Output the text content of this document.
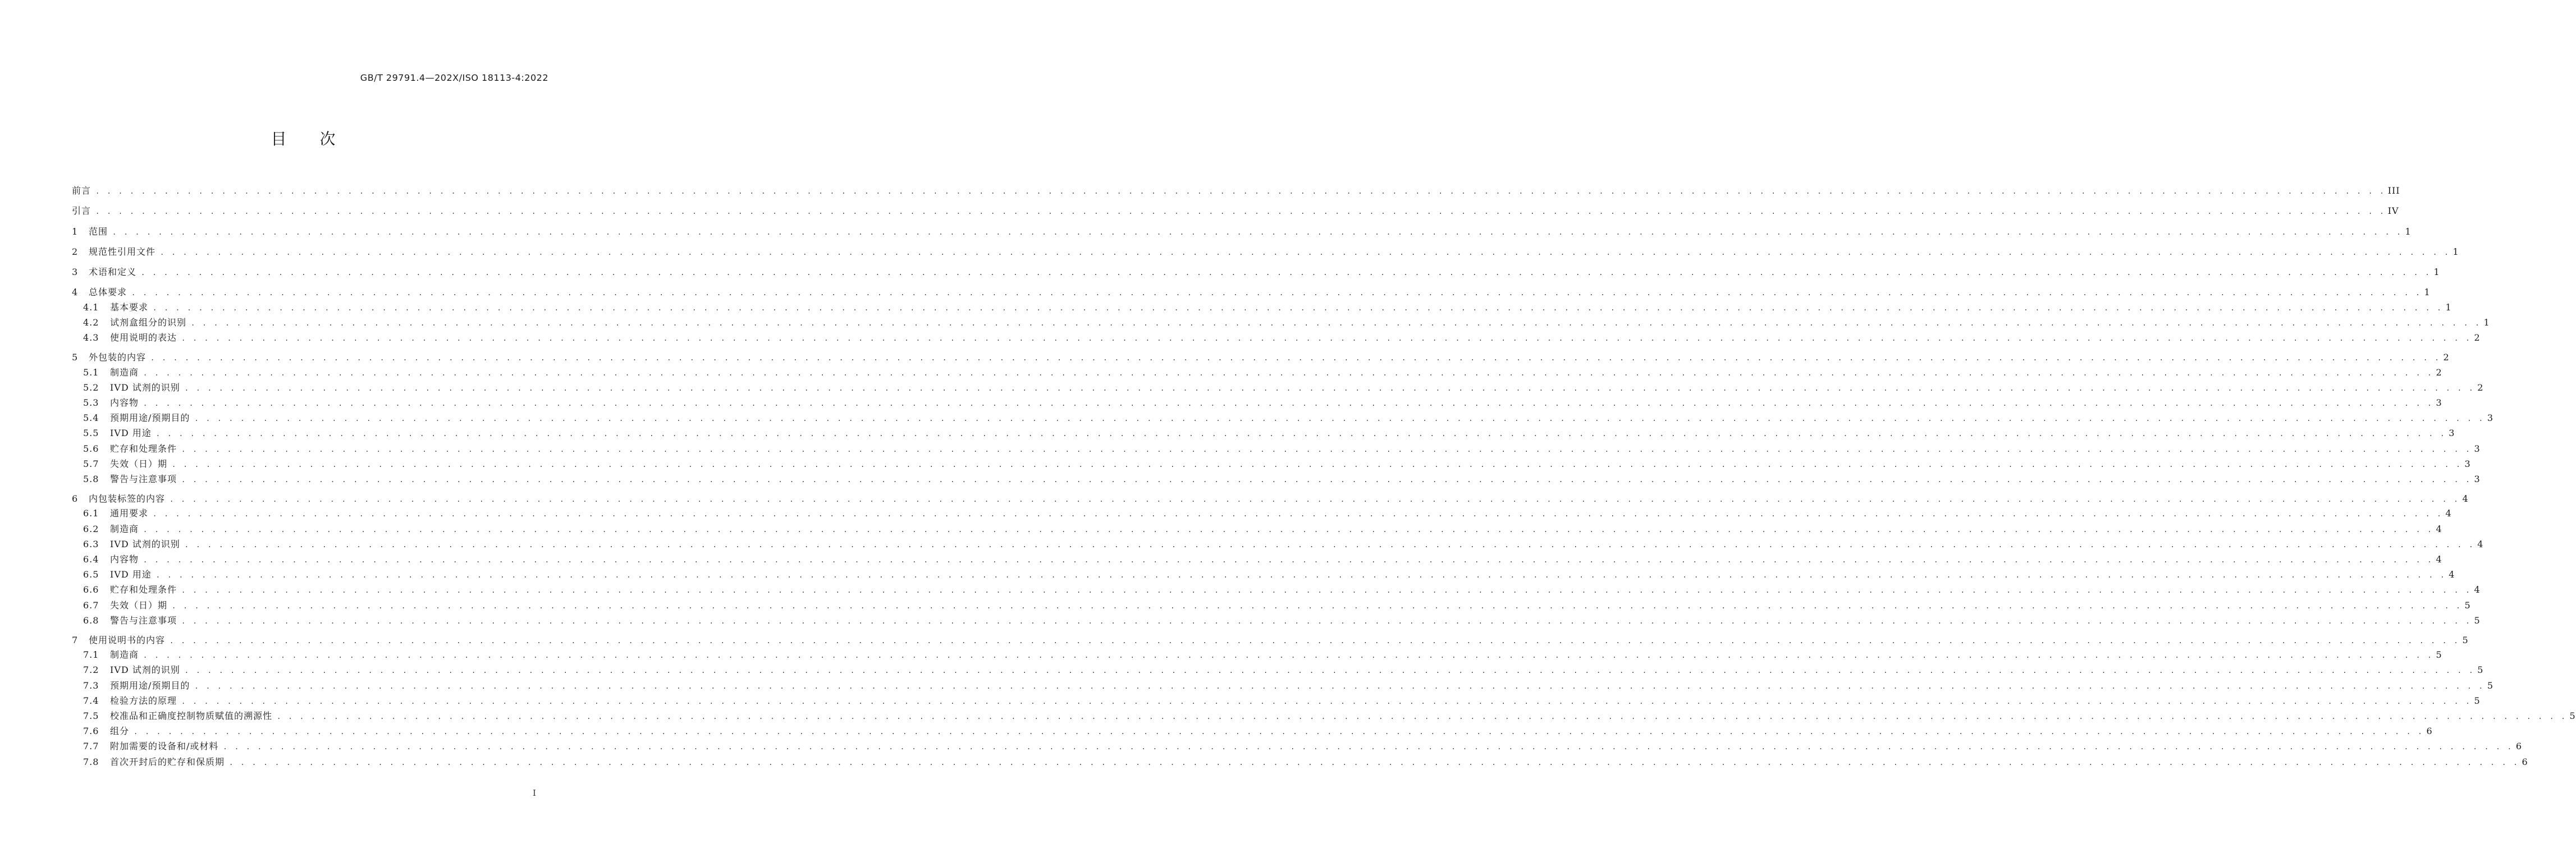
GB/T 29791.4—202X/ISO 18113-4:2022
目 次
前言 . . . . . . . . . . . . . . . . . . . . . . . . . . . . . . . . . . . . . . . . . . . . . . . . . . . . . . . . . . . . . . . . . . . . . . . . . . . . . . . . . . . . . . . . . . . . . . . . . . . . . . . . . . . . . . . . . . . . . . . . . . . . . . . . . . . . . . . . . . . . . . . . . . . . . . . . . . . . . . . . . . . . . . . . . . . . . . . . . . . . . . . . . . . . . . . . . . . . . . . . III
引言 . . . . . . . . . . . . . . . . . . . . . . . . . . . . . . . . . . . . . . . . . . . . . . . . . . . . . . . . . . . . . . . . . . . . . . . . . . . . . . . . . . . . . . . . . . . . . . . . . . . . . . . . . . . . . . . . . . . . . . . . . . . . . . . . . . . . . . . . . . . . . . . . . . . . . . . . . . . . . . . . . . . . . . . . . . . . . . . . . . . . . . . . . . . . . . . . . . . . . . . . IV
1	范围 . . . . . . . . . . . . . . . . . . . . . . . . . . . . . . . . . . . . . . . . . . . . . . . . . . . . . . . . . . . . . . . . . . . . . . . . . . . . . . . . . . . . . . . . . . . . . . . . . . . . . . . . . . . . . . . . . . . . . . . . . . . . . . . . . . . . . . . . . . . . . . . . . . . . . . . . . . . . . . . . . . . . . . . . . . . . . . . . . . . . . . . . . . . . . . . . . . . . . . . . 1
2	规范性引用文件 . . . . . . . . . . . . . . . . . . . . . . . . . . . . . . . . . . . . . . . . . . . . . . . . . . . . . . . . . . . . . . . . . . . . . . . . . . . . . . . . . . . . . . . . . . . . . . . . . . . . . . . . . . . . . . . . . . . . . . . . . . . . . . . . . . . . . . . . . . . . . . . . . . . . . . . . . . . . . . . . . . . . . . . . . . . . . . . . . . . . . . . . . . . . . . . . . . . . . . . . 1
3	术语和定义 . . . . . . . . . . . . . . . . . . . . . . . . . . . . . . . . . . . . . . . . . . . . . . . . . . . . . . . . . . . . . . . . . . . . . . . . . . . . . . . . . . . . . . . . . . . . . . . . . . . . . . . . . . . . . . . . . . . . . . . . . . . . . . . . . . . . . . . . . . . . . . . . . . . . . . . . . . . . . . . . . . . . . . . . . . . . . . . . . . . . . . . . . . . . . . . . . . . . . . . . 1
4	总体要求 . . . . . . . . . . . . . . . . . . . . . . . . . . . . . . . . . . . . . . . . . . . . . . . . . . . . . . . . . . . . . . . . . . . . . . . . . . . . . . . . . . . . . . . . . . . . . . . . . . . . . . . . . . . . . . . . . . . . . . . . . . . . . . . . . . . . . . . . . . . . . . . . . . . . . . . . . . . . . . . . . . . . . . . . . . . . . . . . . . . . . . . . . . . . . . . . . . . . . . . . 1
4.1	基本要求 . . . . . . . . . . . . . . . . . . . . . . . . . . . . . . . . . . . . . . . . . . . . . . . . . . . . . . . . . . . . . . . . . . . . . . . . . . . . . . . . . . . . . . . . . . . . . . . . . . . . . . . . . . . . . . . . . . . . . . . . . . . . . . . . . . . . . . . . . . . . . . . . . . . . . . . . . . . . . . . . . . . . . . . . . . . . . . . . . . . . . . . . . . . . . . . . . . . . . . . . 1
4.2	试剂盒组分的识别 . . . . . . . . . . . . . . . . . . . . . . . . . . . . . . . . . . . . . . . . . . . . . . . . . . . . . . . . . . . . . . . . . . . . . . . . . . . . . . . . . . . . . . . . . . . . . . . . . . . . . . . . . . . . . . . . . . . . . . . . . . . . . . . . . . . . . . . . . . . . . . . . . . . . . . . . . . . . . . . . . . . . . . . . . . . . . . . . . . . . . . . . . . . . . . . . . . . . . . . . 1
4.3	使用说明的表达 . . . . . . . . . . . . . . . . . . . . . . . . . . . . . . . . . . . . . . . . . . . . . . . . . . . . . . . . . . . . . . . . . . . . . . . . . . . . . . . . . . . . . . . . . . . . . . . . . . . . . . . . . . . . . . . . . . . . . . . . . . . . . . . . . . . . . . . . . . . . . . . . . . . . . . . . . . . . . . . . . . . . . . . . . . . . . . . . . . . . . . . . . . . . . . . . . . . . . . . . 2
5	外包装的内容 . . . . . . . . . . . . . . . . . . . . . . . . . . . . . . . . . . . . . . . . . . . . . . . . . . . . . . . . . . . . . . . . . . . . . . . . . . . . . . . . . . . . . . . . . . . . . . . . . . . . . . . . . . . . . . . . . . . . . . . . . . . . . . . . . . . . . . . . . . . . . . . . . . . . . . . . . . . . . . . . . . . . . . . . . . . . . . . . . . . . . . . . . . . . . . . . . . . . . . . . 2
5.1	制造商 . . . . . . . . . . . . . . . . . . . . . . . . . . . . . . . . . . . . . . . . . . . . . . . . . . . . . . . . . . . . . . . . . . . . . . . . . . . . . . . . . . . . . . . . . . . . . . . . . . . . . . . . . . . . . . . . . . . . . . . . . . . . . . . . . . . . . . . . . . . . . . . . . . . . . . . . . . . . . . . . . . . . . . . . . . . . . . . . . . . . . . . . . . . . . . . . . . . . . . . . 2
5.2	IVD 试剂的识别 . . . . . . . . . . . . . . . . . . . . . . . . . . . . . . . . . . . . . . . . . . . . . . . . . . . . . . . . . . . . . . . . . . . . . . . . . . . . . . . . . . . . . . . . . . . . . . . . . . . . . . . . . . . . . . . . . . . . . . . . . . . . . . . . . . . . . . . . . . . . . . . . . . . . . . . . . . . . . . . . . . . . . . . . . . . . . . . . . . . . . . . . . . . . . . . . . . . . . . . . 2
5.3	内容物 . . . . . . . . . . . . . . . . . . . . . . . . . . . . . . . . . . . . . . . . . . . . . . . . . . . . . . . . . . . . . . . . . . . . . . . . . . . . . . . . . . . . . . . . . . . . . . . . . . . . . . . . . . . . . . . . . . . . . . . . . . . . . . . . . . . . . . . . . . . . . . . . . . . . . . . . . . . . . . . . . . . . . . . . . . . . . . . . . . . . . . . . . . . . . . . . . . . . . . . . 3
5.4	预期用途/预期目的 . . . . . . . . . . . . . . . . . . . . . . . . . . . . . . . . . . . . . . . . . . . . . . . . . . . . . . . . . . . . . . . . . . . . . . . . . . . . . . . . . . . . . . . . . . . . . . . . . . . . . . . . . . . . . . . . . . . . . . . . . . . . . . . . . . . . . . . . . . . . . . . . . . . . . . . . . . . . . . . . . . . . . . . . . . . . . . . . . . . . . . . . . . . . . . . . . . . . . . . . 3
5.5	IVD 用途 . . . . . . . . . . . . . . . . . . . . . . . . . . . . . . . . . . . . . . . . . . . . . . . . . . . . . . . . . . . . . . . . . . . . . . . . . . . . . . . . . . . . . . . . . . . . . . . . . . . . . . . . . . . . . . . . . . . . . . . . . . . . . . . . . . . . . . . . . . . . . . . . . . . . . . . . . . . . . . . . . . . . . . . . . . . . . . . . . . . . . . . . . . . . . . . . . . . . . . . . 3
5.6	贮存和处理条件 . . . . . . . . . . . . . . . . . . . . . . . . . . . . . . . . . . . . . . . . . . . . . . . . . . . . . . . . . . . . . . . . . . . . . . . . . . . . . . . . . . . . . . . . . . . . . . . . . . . . . . . . . . . . . . . . . . . . . . . . . . . . . . . . . . . . . . . . . . . . . . . . . . . . . . . . . . . . . . . . . . . . . . . . . . . . . . . . . . . . . . . . . . . . . . . . . . . . . . . . 3
5.7	失效（日）期 . . . . . . . . . . . . . . . . . . . . . . . . . . . . . . . . . . . . . . . . . . . . . . . . . . . . . . . . . . . . . . . . . . . . . . . . . . . . . . . . . . . . . . . . . . . . . . . . . . . . . . . . . . . . . . . . . . . . . . . . . . . . . . . . . . . . . . . . . . . . . . . . . . . . . . . . . . . . . . . . . . . . . . . . . . . . . . . . . . . . . . . . . . . . . . . . . . . . . . . . 3
5.8	警告与注意事项 . . . . . . . . . . . . . . . . . . . . . . . . . . . . . . . . . . . . . . . . . . . . . . . . . . . . . . . . . . . . . . . . . . . . . . . . . . . . . . . . . . . . . . . . . . . . . . . . . . . . . . . . . . . . . . . . . . . . . . . . . . . . . . . . . . . . . . . . . . . . . . . . . . . . . . . . . . . . . . . . . . . . . . . . . . . . . . . . . . . . . . . . . . . . . . . . . . . . . . . . 3
6	内包装标签的内容 . . . . . . . . . . . . . . . . . . . . . . . . . . . . . . . . . . . . . . . . . . . . . . . . . . . . . . . . . . . . . . . . . . . . . . . . . . . . . . . . . . . . . . . . . . . . . . . . . . . . . . . . . . . . . . . . . . . . . . . . . . . . . . . . . . . . . . . . . . . . . . . . . . . . . . . . . . . . . . . . . . . . . . . . . . . . . . . . . . . . . . . . . . . . . . . . . . . . . . . . 4
6.1	通用要求 . . . . . . . . . . . . . . . . . . . . . . . . . . . . . . . . . . . . . . . . . . . . . . . . . . . . . . . . . . . . . . . . . . . . . . . . . . . . . . . . . . . . . . . . . . . . . . . . . . . . . . . . . . . . . . . . . . . . . . . . . . . . . . . . . . . . . . . . . . . . . . . . . . . . . . . . . . . . . . . . . . . . . . . . . . . . . . . . . . . . . . . . . . . . . . . . . . . . . . . . 4
6.2	制造商 . . . . . . . . . . . . . . . . . . . . . . . . . . . . . . . . . . . . . . . . . . . . . . . . . . . . . . . . . . . . . . . . . . . . . . . . . . . . . . . . . . . . . . . . . . . . . . . . . . . . . . . . . . . . . . . . . . . . . . . . . . . . . . . . . . . . . . . . . . . . . . . . . . . . . . . . . . . . . . . . . . . . . . . . . . . . . . . . . . . . . . . . . . . . . . . . . . . . . . . . 4
6.3	IVD 试剂的识别 . . . . . . . . . . . . . . . . . . . . . . . . . . . . . . . . . . . . . . . . . . . . . . . . . . . . . . . . . . . . . . . . . . . . . . . . . . . . . . . . . . . . . . . . . . . . . . . . . . . . . . . . . . . . . . . . . . . . . . . . . . . . . . . . . . . . . . . . . . . . . . . . . . . . . . . . . . . . . . . . . . . . . . . . . . . . . . . . . . . . . . . . . . . . . . . . . . . . . . . . 4
6.4	内容物 . . . . . . . . . . . . . . . . . . . . . . . . . . . . . . . . . . . . . . . . . . . . . . . . . . . . . . . . . . . . . . . . . . . . . . . . . . . . . . . . . . . . . . . . . . . . . . . . . . . . . . . . . . . . . . . . . . . . . . . . . . . . . . . . . . . . . . . . . . . . . . . . . . . . . . . . . . . . . . . . . . . . . . . . . . . . . . . . . . . . . . . . . . . . . . . . . . . . . . . . 4
6.5	IVD 用途 . . . . . . . . . . . . . . . . . . . . . . . . . . . . . . . . . . . . . . . . . . . . . . . . . . . . . . . . . . . . . . . . . . . . . . . . . . . . . . . . . . . . . . . . . . . . . . . . . . . . . . . . . . . . . . . . . . . . . . . . . . . . . . . . . . . . . . . . . . . . . . . . . . . . . . . . . . . . . . . . . . . . . . . . . . . . . . . . . . . . . . . . . . . . . . . . . . . . . . . . 4
6.6	贮存和处理条件 . . . . . . . . . . . . . . . . . . . . . . . . . . . . . . . . . . . . . . . . . . . . . . . . . . . . . . . . . . . . . . . . . . . . . . . . . . . . . . . . . . . . . . . . . . . . . . . . . . . . . . . . . . . . . . . . . . . . . . . . . . . . . . . . . . . . . . . . . . . . . . . . . . . . . . . . . . . . . . . . . . . . . . . . . . . . . . . . . . . . . . . . . . . . . . . . . . . . . . . . 4
6.7	失效（日）期 . . . . . . . . . . . . . . . . . . . . . . . . . . . . . . . . . . . . . . . . . . . . . . . . . . . . . . . . . . . . . . . . . . . . . . . . . . . . . . . . . . . . . . . . . . . . . . . . . . . . . . . . . . . . . . . . . . . . . . . . . . . . . . . . . . . . . . . . . . . . . . . . . . . . . . . . . . . . . . . . . . . . . . . . . . . . . . . . . . . . . . . . . . . . . . . . . . . . . . . . 5
6.8	警告与注意事项 . . . . . . . . . . . . . . . . . . . . . . . . . . . . . . . . . . . . . . . . . . . . . . . . . . . . . . . . . . . . . . . . . . . . . . . . . . . . . . . . . . . . . . . . . . . . . . . . . . . . . . . . . . . . . . . . . . . . . . . . . . . . . . . . . . . . . . . . . . . . . . . . . . . . . . . . . . . . . . . . . . . . . . . . . . . . . . . . . . . . . . . . . . . . . . . . . . . . . . . . 5
7	使用说明书的内容 . . . . . . . . . . . . . . . . . . . . . . . . . . . . . . . . . . . . . . . . . . . . . . . . . . . . . . . . . . . . . . . . . . . . . . . . . . . . . . . . . . . . . . . . . . . . . . . . . . . . . . . . . . . . . . . . . . . . . . . . . . . . . . . . . . . . . . . . . . . . . . . . . . . . . . . . . . . . . . . . . . . . . . . . . . . . . . . . . . . . . . . . . . . . . . . . . . . . . . . . 5
7.1	制造商 . . . . . . . . . . . . . . . . . . . . . . . . . . . . . . . . . . . . . . . . . . . . . . . . . . . . . . . . . . . . . . . . . . . . . . . . . . . . . . . . . . . . . . . . . . . . . . . . . . . . . . . . . . . . . . . . . . . . . . . . . . . . . . . . . . . . . . . . . . . . . . . . . . . . . . . . . . . . . . . . . . . . . . . . . . . . . . . . . . . . . . . . . . . . . . . . . . . . . . . . 5
7.2	IVD 试剂的识别 . . . . . . . . . . . . . . . . . . . . . . . . . . . . . . . . . . . . . . . . . . . . . . . . . . . . . . . . . . . . . . . . . . . . . . . . . . . . . . . . . . . . . . . . . . . . . . . . . . . . . . . . . . . . . . . . . . . . . . . . . . . . . . . . . . . . . . . . . . . . . . . . . . . . . . . . . . . . . . . . . . . . . . . . . . . . . . . . . . . . . . . . . . . . . . . . . . . . . . . . 5
7.3	预期用途/预期目的 . . . . . . . . . . . . . . . . . . . . . . . . . . . . . . . . . . . . . . . . . . . . . . . . . . . . . . . . . . . . . . . . . . . . . . . . . . . . . . . . . . . . . . . . . . . . . . . . . . . . . . . . . . . . . . . . . . . . . . . . . . . . . . . . . . . . . . . . . . . . . . . . . . . . . . . . . . . . . . . . . . . . . . . . . . . . . . . . . . . . . . . . . . . . . . . . . . . . . . . . 5
7.4	检验方法的原理 . . . . . . . . . . . . . . . . . . . . . . . . . . . . . . . . . . . . . . . . . . . . . . . . . . . . . . . . . . . . . . . . . . . . . . . . . . . . . . . . . . . . . . . . . . . . . . . . . . . . . . . . . . . . . . . . . . . . . . . . . . . . . . . . . . . . . . . . . . . . . . . . . . . . . . . . . . . . . . . . . . . . . . . . . . . . . . . . . . . . . . . . . . . . . . . . . . . . . . . . 5
7.5	校准品和正确度控制物质赋值的溯源性 . . . . . . . . . . . . . . . . . . . . . . . . . . . . . . . . . . . . . . . . . . . . . . . . . . . . . . . . . . . . . . . . . . . . . . . . . . . . . . . . . . . . . . . . . . . . . . . . . . . . . . . . . . . . . . . . . . . . . . . . . . . . . . . . . . . . . . . . . . . . . . . . . . . . . . . . . . . . . . . . . . . . . . . . . . . . . . . . . . . . . . . . . . . . . . . . . . . . . . . . 5
7.6	组分 . . . . . . . . . . . . . . . . . . . . . . . . . . . . . . . . . . . . . . . . . . . . . . . . . . . . . . . . . . . . . . . . . . . . . . . . . . . . . . . . . . . . . . . . . . . . . . . . . . . . . . . . . . . . . . . . . . . . . . . . . . . . . . . . . . . . . . . . . . . . . . . . . . . . . . . . . . . . . . . . . . . . . . . . . . . . . . . . . . . . . . . . . . . . . . . . . . . . . . . . 6
7.7	附加需要的设备和/或材料 . . . . . . . . . . . . . . . . . . . . . . . . . . . . . . . . . . . . . . . . . . . . . . . . . . . . . . . . . . . . . . . . . . . . . . . . . . . . . . . . . . . . . . . . . . . . . . . . . . . . . . . . . . . . . . . . . . . . . . . . . . . . . . . . . . . . . . . . . . . . . . . . . . . . . . . . . . . . . . . . . . . . . . . . . . . . . . . . . . . . . . . . . . . . . . . . . . . . . . . . 6
7.8	首次开封后的贮存和保质期 . . . . . . . . . . . . . . . . . . . . . . . . . . . . . . . . . . . . . . . . . . . . . . . . . . . . . . . . . . . . . . . . . . . . . . . . . . . . . . . . . . . . . . . . . . . . . . . . . . . . . . . . . . . . . . . . . . . . . . . . . . . . . . . . . . . . . . . . . . . . . . . . . . . . . . . . . . . . . . . . . . . . . . . . . . . . . . . . . . . . . . . . . . . . . . . . . . . . . . . . 6
I
